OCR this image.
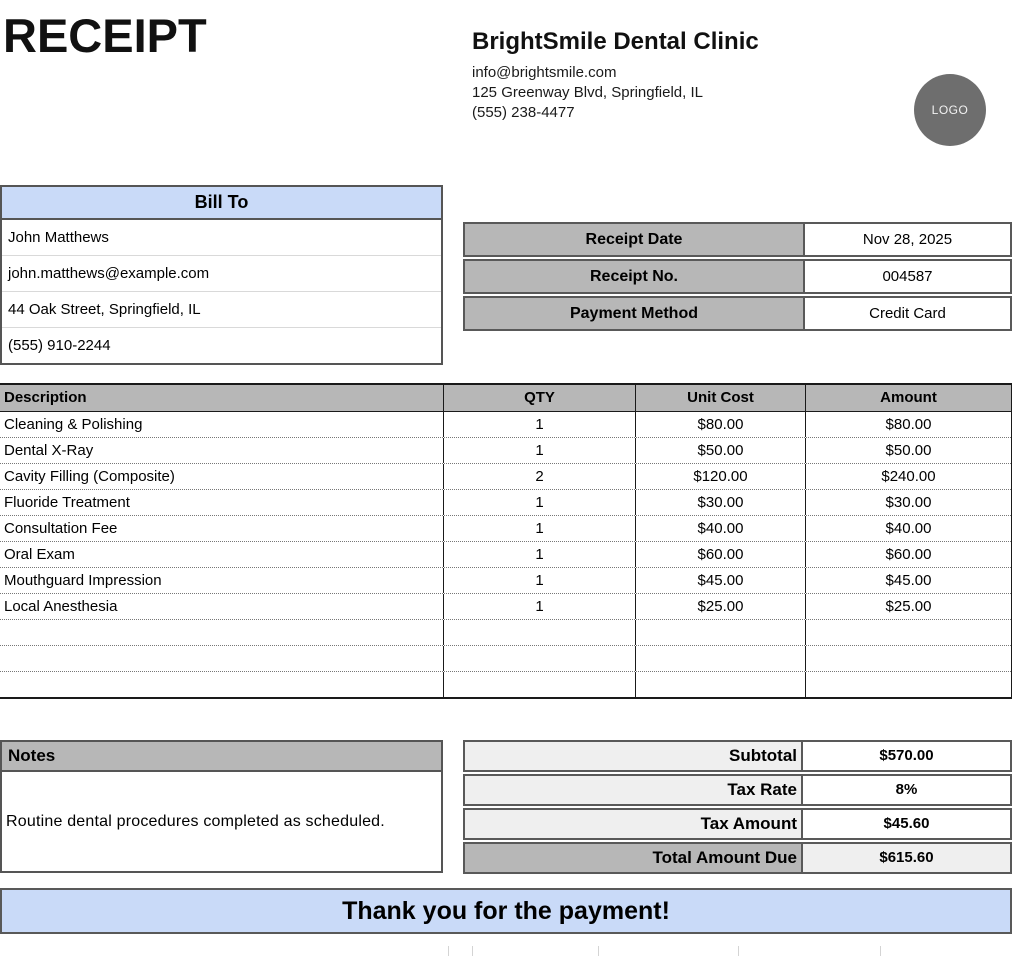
RECEIPT	BrightSmile Dental Clinic
info@brightsmile.com
125 Greenway Blvd, Springfield, IL
(555) 238-4477	LOGO
Bill To
John Matthews
john.matthews@example.com
44 Oak Street, Springfield, IL
(555) 910-2244
Receipt Date	Nov 28, 2025
Receipt No.	004587
Payment Method	Credit Card
Description	QTY	Unit Cost	Amount
Cleaning & Polishing	1	$80.00	$80.00
Dental X-Ray	1	$50.00	$50.00
Cavity Filling (Composite)	2	$120.00	$240.00
Fluoride Treatment	1	$30.00	$30.00
Consultation Fee	1	$40.00	$40.00
Oral Exam	1	$60.00	$60.00
Mouthguard Impression	1	$45.00	$45.00
Local Anesthesia	1	$25.00	$25.00
Notes
Routine dental procedures completed as scheduled.
Subtotal	$570.00
Tax Rate	8%
Tax Amount	$45.60
Total Amount Due	$615.60
Thank you for the payment!
